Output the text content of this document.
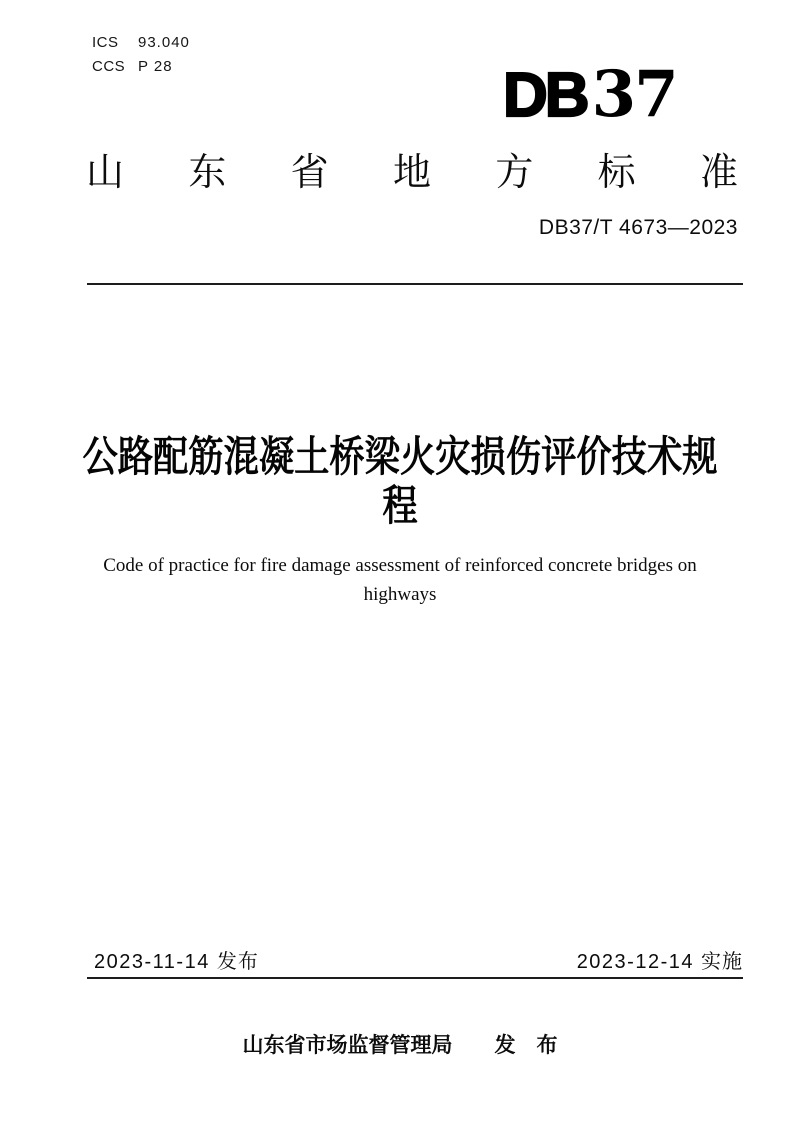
ICS 93.040
CCS P 28	DB37
山 东 省 地 方 标 准
DB37/T 4673—2023
公路配筋混凝土桥梁火灾损伤评价技术规
程
Code of practice for fire damage assessment of reinforced concrete bridges on highways
2023-11-14 发布	2023-12-14 实施
山东省市场监督管理局 发　布
